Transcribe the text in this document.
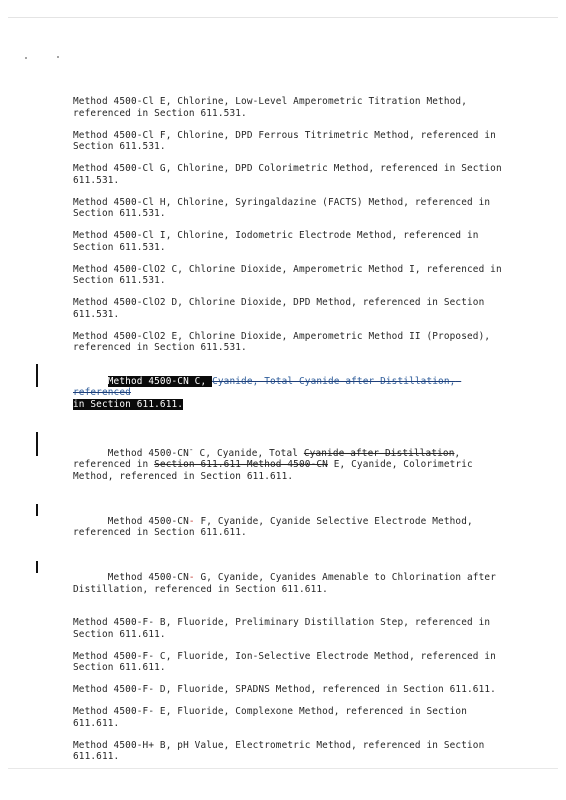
Method 4500-Cl E, Chlorine, Low-Level Amperometric Titration Method, referenced in Section 611.531.

Method 4500-Cl F, Chlorine, DPD Ferrous Titrimetric Method, referenced in Section 611.531.

Method 4500-Cl G, Chlorine, DPD Colorimetric Method, referenced in Section 611.531.

Method 4500-Cl H, Chlorine, Syringaldazine (FACTS) Method, referenced in Section 611.531.

Method 4500-Cl I, Chlorine, Iodometric Electrode Method, referenced in Section 611.531.

Method 4500-ClO2 C, Chlorine Dioxide, Amperometric Method I, referenced in Section 611.531.

Method 4500-ClO2 D, Chlorine Dioxide, DPD Method, referenced in Section 611.531.

Method 4500-ClO2 E, Chlorine Dioxide, Amperometric Method II (Proposed), referenced in Section 611.531.

Method 4500-CN C, Cyanide, Total Cyanide after Distillation, referenced
in Section 611.611.

Method 4500-CN- C, Cyanide, Total Cyanide after Distillation, referenced in Section 611.611 Method 4500-CN E, Cyanide, Colorimetric Method, referenced in Section 611.611.

Method 4500-CN- F, Cyanide, Cyanide Selective Electrode Method, referenced in Section 611.611.

Method 4500-CN- G, Cyanide, Cyanides Amenable to Chlorination after Distillation, referenced in Section 611.611.

Method 4500-F- B, Fluoride, Preliminary Distillation Step, referenced in Section 611.611.

Method 4500-F- C, Fluoride, Ion-Selective Electrode Method, referenced in Section 611.611.

Method 4500-F- D, Fluoride, SPADNS Method, referenced in Section 611.611.

Method 4500-F- E, Fluoride, Complexone Method, referenced in Section 611.611.

Method 4500-H+ B, pH Value, Electrometric Method, referenced in Section 611.611.
